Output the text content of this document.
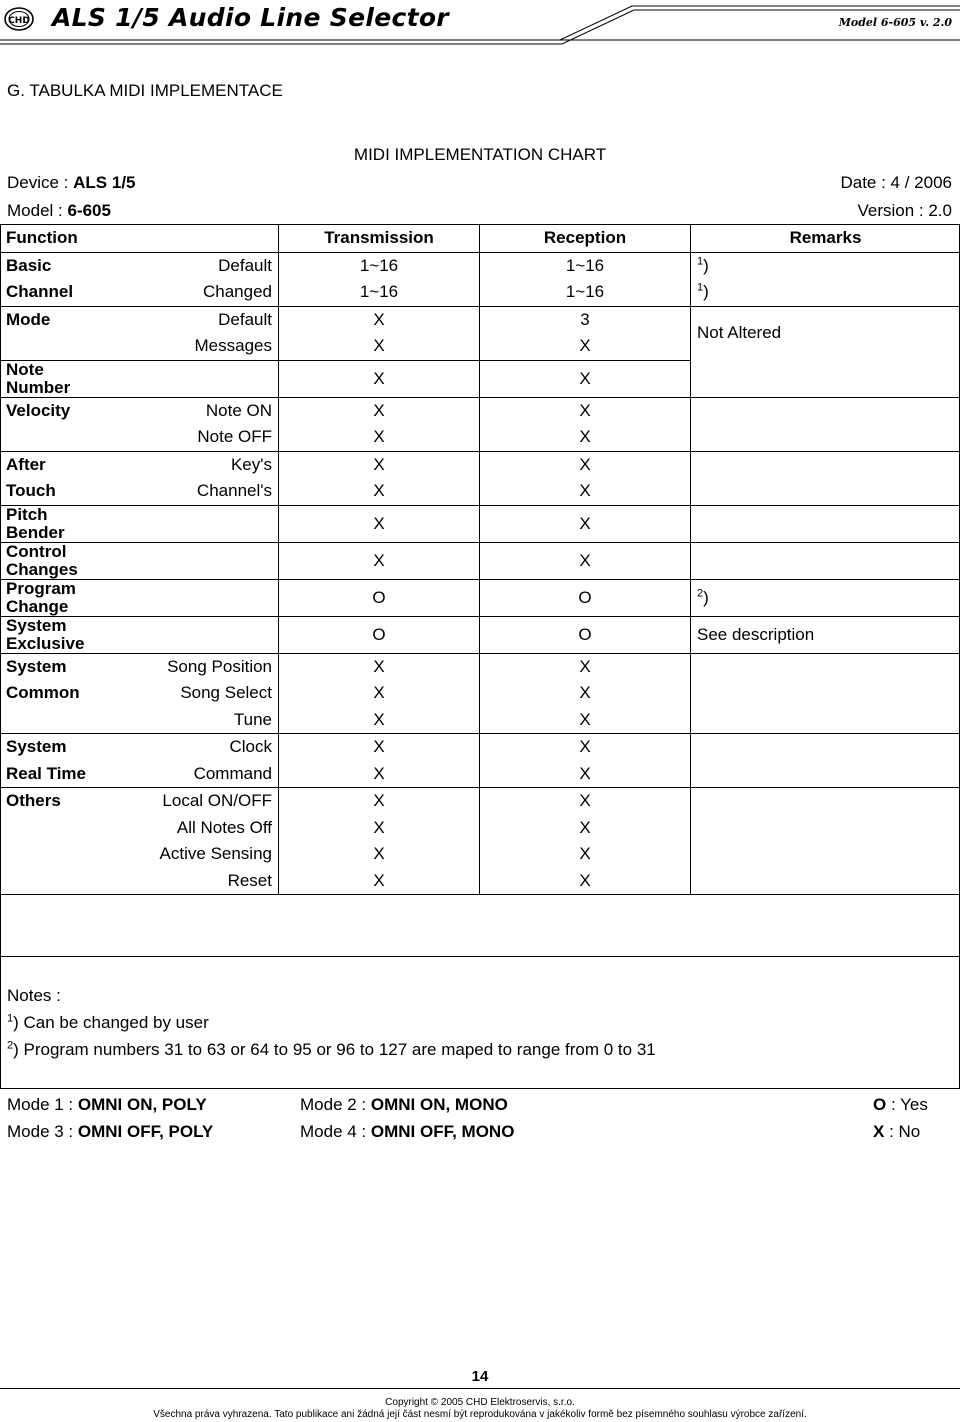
CHD ALS 1/5 Audio Line Selector	Model 6-605 v. 2.0
G. TABULKA MIDI IMPLEMENTACE
MIDI IMPLEMENTATION CHART
Device : ALS 1/5	Date : 4 / 2006
Model : 6-605	Version : 2.0
Function		Transmission	Reception	Remarks
Basic	Default	1~16	1~16	$^1$)
Channel	Changed	1~16	1~16	$^1$)
Mode	Default	X	3	Not Altered
	Messages	X	X	
Note
Number		X	X	
Velocity	Note ON	X	X	
	Note OFF	X	X	
After	Key's	X	X	
Touch	Channel's	X	X	
Pitch
Bender		X	X	
Control
Changes		X	X	
Program
Change		O	O	$^2$)
System
Exclusive		O	O	See description
System	Song Position	X	X	
Common	Song Select	X	X	
	Tune	X	X	
System	Clock	X	X	
Real Time	Command	X	X	
Others	Local ON/OFF	X	X	
	All Notes Off	X	X	
	Active Sensing	X	X	
	Reset	X	X	
Notes :
$^1$) Can be changed by user
$^2$) Program numbers 31 to 63 or 64 to 95 or 96 to 127 are maped to range from 0 to 31
Mode 1 : OMNI ON, POLY	Mode 2 : OMNI ON, MONO	O : Yes
Mode 3 : OMNI OFF, POLY	Mode 4 : OMNI OFF, MONO	X : No
14
Copyright © 2005 CHD Elektroservis, s.r.o.
Všechna práva vyhrazena. Tato publikace ani žádná její část nesmí být reprodukována v jakékoliv formě bez písemného souhlasu výrobce zařízení.
